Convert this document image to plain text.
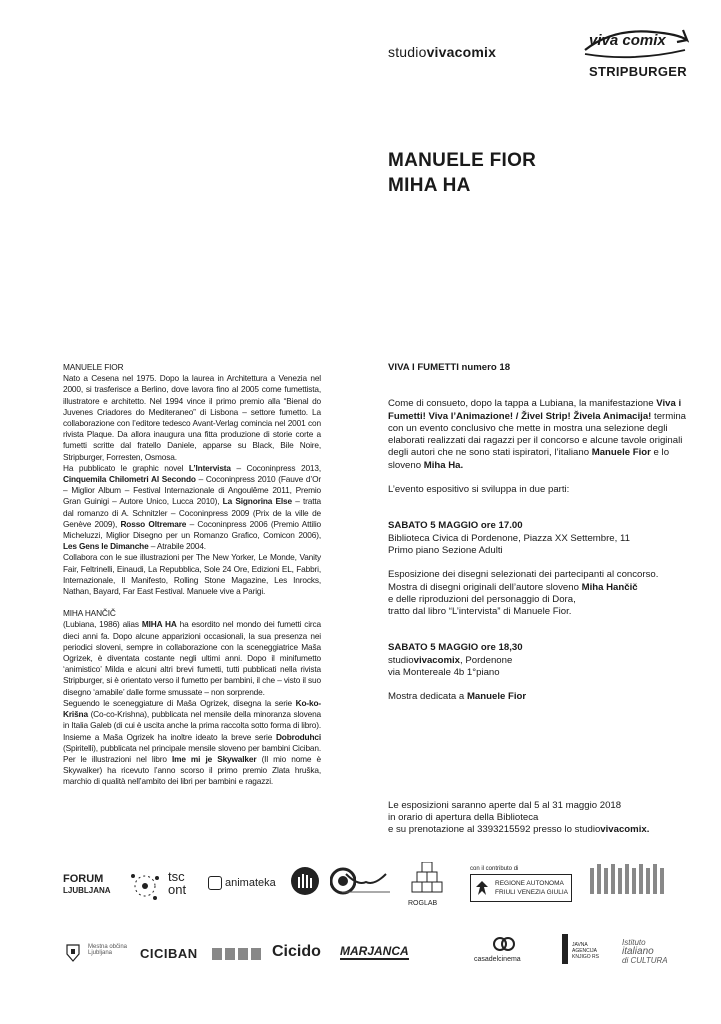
studiovivacomix
viva comix
STRIPBURGER
MANUELE FIOR
MIHA HA

MANUELE FIOR

Nato a Cesena nel 1975. Dopo la laurea in Architettura a Venezia nel 2000, si trasferisce a Berlino, dove lavora fino al 2005 come fumettista, illustratore e architetto. Nel 1994 vince il primo premio alla “Bienal do Juvenes Criadores do Mediteraneo” di Lisbona – settore fumetto. La collaborazione con l’editore tedesco Avant-Verlag comincia nel 2001 con rivista Plaque. Da allora inaugura una fitta produzione di storie corte a fumetti scritte dal fratello Daniele, apparse su Black, Bile Noire, Stripburger, Forresten, Osmosa.

Ha pubblicato le graphic novel L’Intervista – Coconinpress 2013, Cinquemila Chilometri Al Secondo – Coconinpress 2010 (Fauve d’Or – Miglior Album – Festival Internazionale di Angoulême 2011, Premio Gran Guinigi – Autore Unico, Lucca 2010), La Signorina Else – tratta dal romanzo di A. Schnitzler – Coconinpress 2009 (Prix de la ville de Genève 2009), Rosso Oltremare – Coconinpress 2006 (Premio Attilio Micheluzzi, Miglior Disegno per un Romanzo Grafico, Comicon 2006), Les Gens le Dimanche – Atrabile 2004.

Collabora con le sue illustrazioni per The New Yorker, Le Monde, Vanity Fair, Feltrinelli, Einaudi, La Repubblica, Sole 24 Ore, Edizioni EL, Fabbri, Internazionale, Il Manifesto, Rolling Stone Magazine, Les Inrocks, Nathan, Bayard, Far East Festival. Manuele vive a Parigi.

MIHA HANČIČ

(Lubiana, 1986) alias MIHA HA ha esordito nel mondo dei fumetti circa dieci anni fa. Dopo alcune apparizioni occasionali, la sua presenza nei periodici sloveni, sempre in collaborazione con la sceneggiatrice Maša Ogrizek, è diventata costante negli ultimi anni. Dopo il minifumetto ‘animistico’ Milda e alcuni altri brevi fumetti, tutti pubblicati nella rivista Stripburger, si è orientato verso il fumetto per bambini, il che – visto il suo disegno ‘amabile’ dalle forme smussate – non sorprende.

Seguendo le sceneggiature di Maša Ogrizek, disegna la serie Ko-ko-Krišna (Co-co-Krishna), pubblicata nel mensile della minoranza slovena in Italia Galeb (di cui è uscita anche la prima raccolta sotto forma di libro). Insieme a Maša Ogrizek ha inoltre ideato la breve serie Dobroduhci (Spiritelli), pubblicata nel principale mensile sloveno per bambini Ciciban. Per le illustrazioni nel libro Ime mi je Skywalker (Il mio nome è Skywalker) ha ricevuto l’anno scorso il primo premio Zlata hruška, marchio di qualità nell’ambito dei libri per bambini e ragazzi.

VIVA I FUMETTI numero 18

Come di consueto, dopo la tappa a Lubiana, la manifestazione Viva i Fumetti! Viva l’Animazione! / Živel Strip! Živela Animacija! termina con un evento conclusivo che mette in mostra una selezione degli elaborati realizzati dai ragazzi per il concorso e alcune tavole originali degli autori che ne sono stati ispiratori, l’italiano Manuele Fior e lo sloveno Miha Ha.

L’evento espositivo si sviluppa in due parti:

SABATO 5 MAGGIO ore 17.00

Biblioteca Civica di Pordenone, Piazza XX Settembre, 11

Primo piano Sezione Adulti

Esposizione dei disegni selezionati dei partecipanti al concorso.

Mostra di disegni originali dell’autore sloveno Miha Hančič

e delle riproduzioni del personaggio di Dora,

tratto dal libro “L’intervista” di Manuele Fior.

SABATO 5 MAGGIO ore 18,30

studiovivacomix, Pordenone

via Montereale 4b 1°piano

Mostra dedicata a Manuele Fior

Le esposizioni saranno aperte dal 5 al 31 maggio 2018

in orario di apertura della Biblioteca

e su prenotazione al 3393215592 presso lo studiovivacomix.

FORUM
LJUBLJANA
tsc
ont	animateka
ROGLAB
con il contributo di
REGIONE AUTONOMA
FRIULI VENEZIA GIULIA
Mestna občina
Ljubljana	CICIBAN	Cicido MARJANCA
casadelcinema
JAVNA
AGENCIJA
KNJIGO RS
Istituto
italiano
di CULTURA
